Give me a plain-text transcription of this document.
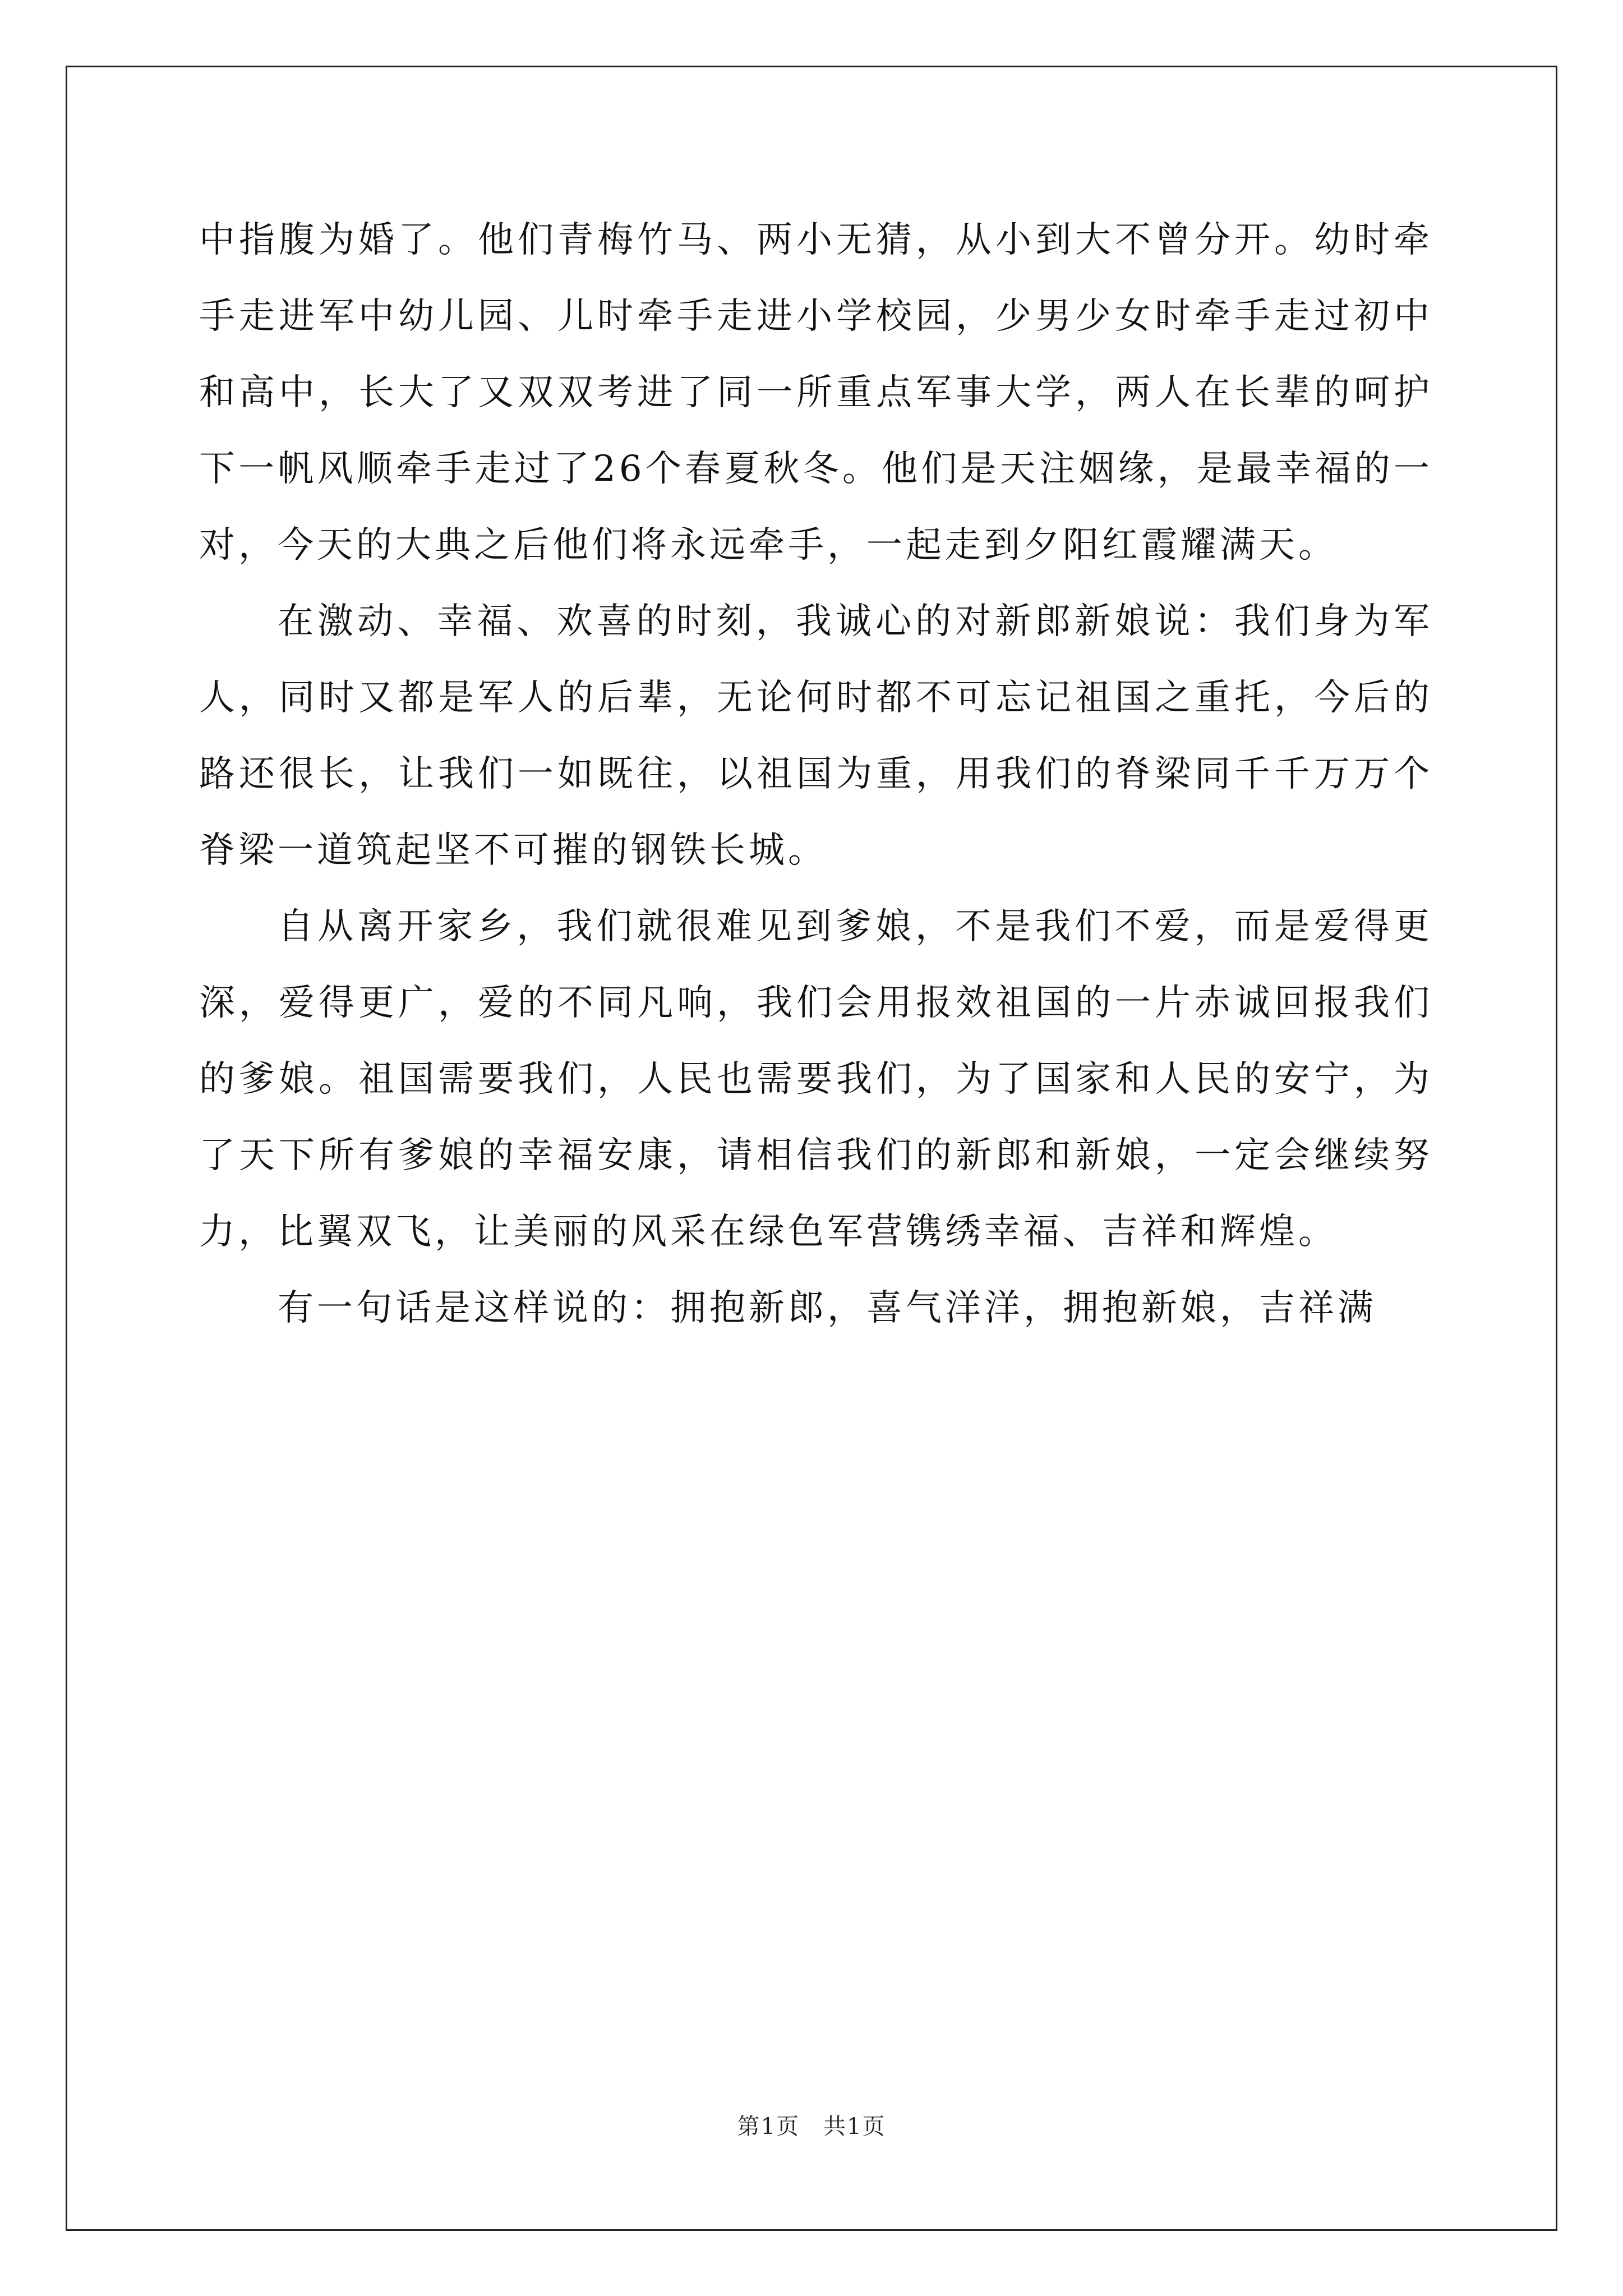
中指腹为婚了。他们青梅竹马、两小无猜，从小到大不曾分开。幼时牵手走进军中幼儿园、儿时牵手走进小学校园，少男少女时牵手走过初中和高中，长大了又双双考进了同一所重点军事大学，两人在长辈的呵护下一帆风顺牵手走过了26个春夏秋冬。他们是天注姻缘，是最幸福的一对，今天的大典之后他们将永远牵手，一起走到夕阳红霞耀满天。

在激动、幸福、欢喜的时刻，我诚心的对新郎新娘说：我们身为军人，同时又都是军人的后辈，无论何时都不可忘记祖国之重托，今后的路还很长，让我们一如既往，以祖国为重，用我们的脊梁同千千万万个脊梁一道筑起坚不可摧的钢铁长城。

自从离开家乡，我们就很难见到爹娘，不是我们不爱，而是爱得更深，爱得更广，爱的不同凡响，我们会用报效祖国的一片赤诚回报我们的爹娘。祖国需要我们，人民也需要我们，为了国家和人民的安宁，为了天下所有爹娘的幸福安康，请相信我们的新郎和新娘，一定会继续努力，比翼双飞，让美丽的风采在绿色军营镌绣幸福、吉祥和辉煌。

有一句话是这样说的：拥抱新郎，喜气洋洋，拥抱新娘，吉祥满

第1页　共1页
